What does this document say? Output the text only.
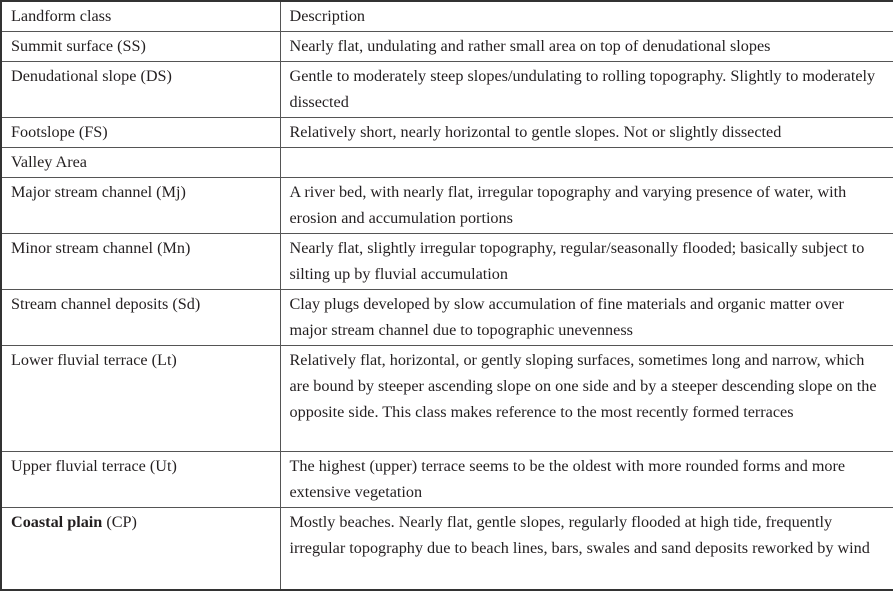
Landform class	Description
Summit surface (SS)	Nearly flat, undulating and rather small area on top of denudational slopes
Denudational slope (DS)	Gentle to moderately steep slopes/undulating to rolling topography. Slightly to moderately dissected
Footslope (FS)	Relatively short, nearly horizontal to gentle slopes. Not or slightly dissected
Valley Area	
Major stream channel (Mj)	A river bed, with nearly flat, irregular topography and varying presence of water, with erosion and accumulation portions
Minor stream channel (Mn)	Nearly flat, slightly irregular topography, regular/seasonally flooded; basically subject to silting up by fluvial accumulation
Stream channel deposits (Sd)	Clay plugs developed by slow accumulation of fine materials and organic matter over major stream channel due to topographic unevenness
Lower fluvial terrace (Lt)	Relatively flat, horizontal, or gently sloping surfaces, sometimes long and narrow, which are bound by steeper ascending slope on one side and by a steeper descending slope on the opposite side. This class makes reference to the most recently formed terraces
Upper fluvial terrace (Ut)	The highest (upper) terrace seems to be the oldest with more rounded forms and more extensive vegetation
Coastal plain (CP)	Mostly beaches. Nearly flat, gentle slopes, regularly flooded at high tide, frequently irregular topography due to beach lines, bars, swales and sand deposits reworked by wind
